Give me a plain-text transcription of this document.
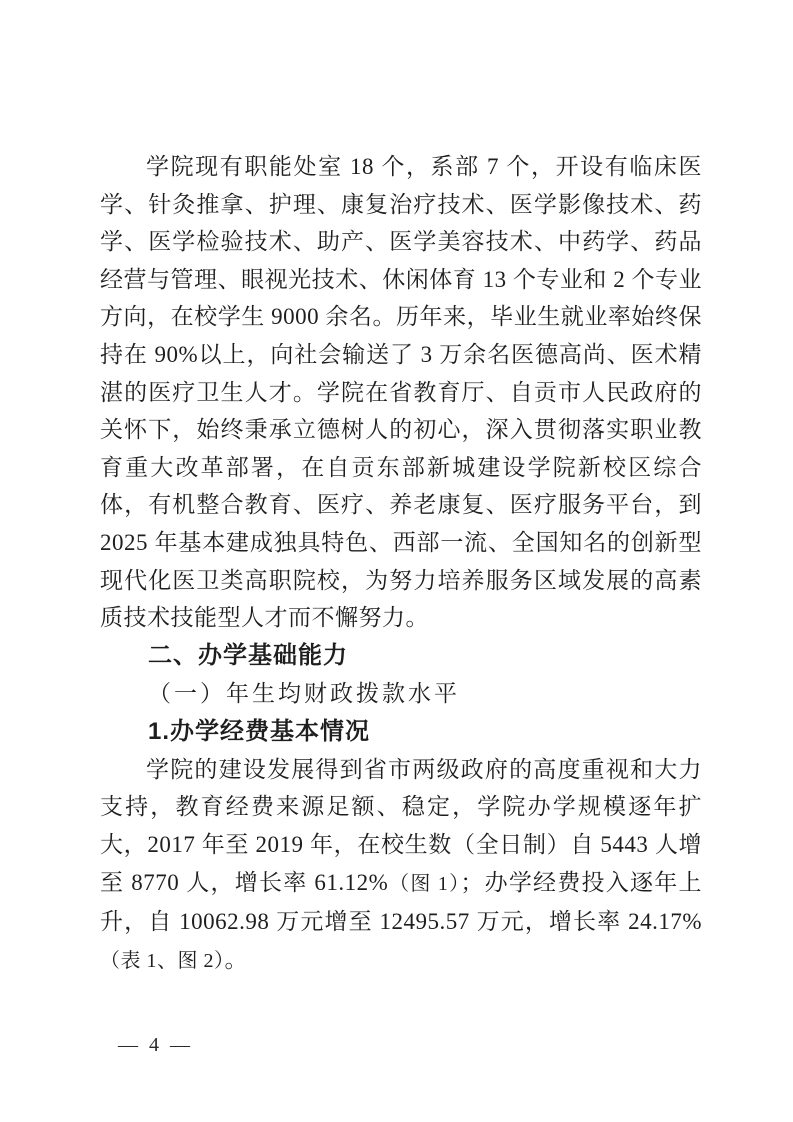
学院现有职能处室 18 个，系部 7 个，开设有临床医学、针灸推拿、护理、康复治疗技术、医学影像技术、药学、医学检验技术、助产、医学美容技术、中药学、药品经营与管理、眼视光技术、休闲体育 13 个专业和 2 个专业方向，在校学生 9000 余名。历年来，毕业生就业率始终保持在 90%以上，向社会输送了 3 万余名医德高尚、医术精湛的医疗卫生人才。学院在省教育厅、自贡市人民政府的关怀下，始终秉承立德树人的初心，深入贯彻落实职业教育重大改革部署，在自贡东部新城建设学院新校区综合体，有机整合教育、医疗、养老康复、医疗服务平台，到 2025 年基本建成独具特色、西部一流、全国知名的创新型现代化医卫类高职院校，为努力培养服务区域发展的高素质技术技能型人才而不懈努力。

二、办学基础能力
（一）年生均财政拨款水平
1.办学经费基本情况

学院的建设发展得到省市两级政府的高度重视和大力支持，教育经费来源足额、稳定，学院办学规模逐年扩大，2017 年至 2019 年，在校生数（全日制）自 5443 人增至 8770 人，增长率 61.12%（图 1）；办学经费投入逐年上升，自 10062.98 万元增至 12495.57 万元，增长率 24.17%（表 1、图 2）。

— 4 —
